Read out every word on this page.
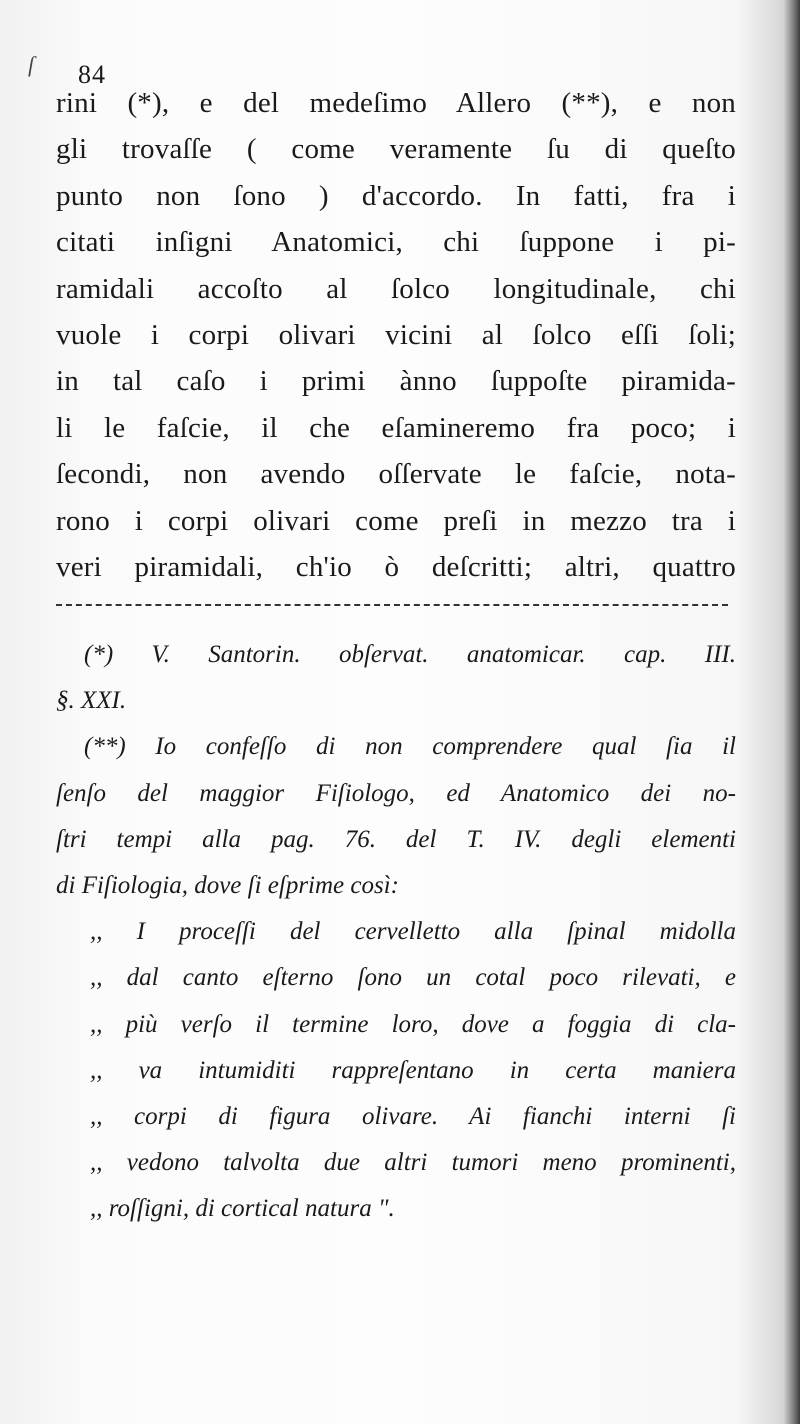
ſ 84
rini (*), e del medeſimo Allero (**), e non
gli trovaſſe ( come veramente ſu di queſto
punto non ſono ) d'accordo. In fatti, fra i
citati inſigni Anatomici, chi ſuppone i pi-
ramidali accoſto al ſolco longitudinale, chi
vuole i corpi olivari vicini al ſolco eſſi ſoli;
in tal caſo i primi ànno ſuppoſte piramida-
li le faſcie, il che eſamineremo fra poco; i
ſecondi, non avendo oſſervate le faſcie, nota-
rono i corpi olivari come preſi in mezzo tra i
veri piramidali, ch'io ò deſcritti; altri, quattro
(*) V. Santorin. obſervat. anatomicar. cap. III.
§. XXI.
(**) Io confeſſo di non comprendere qual ſia il
ſenſo del maggior Fiſiologo, ed Anatomico dei no-
ſtri tempi alla pag. 76. del T. IV. degli elementi
di Fiſiologia, dove ſi eſprime così:
,, I proceſſi del cervelletto alla ſpinal midolla
,, dal canto eſterno ſono un cotal poco rilevati, e
,, più verſo il termine loro, dove a foggia di cla-
,, va intumiditi rappreſentano in certa maniera
,, corpi di figura olivare. Ai fianchi interni ſi
,, vedono talvolta due altri tumori meno prominenti,
,, roſſigni, di cortical natura ".
